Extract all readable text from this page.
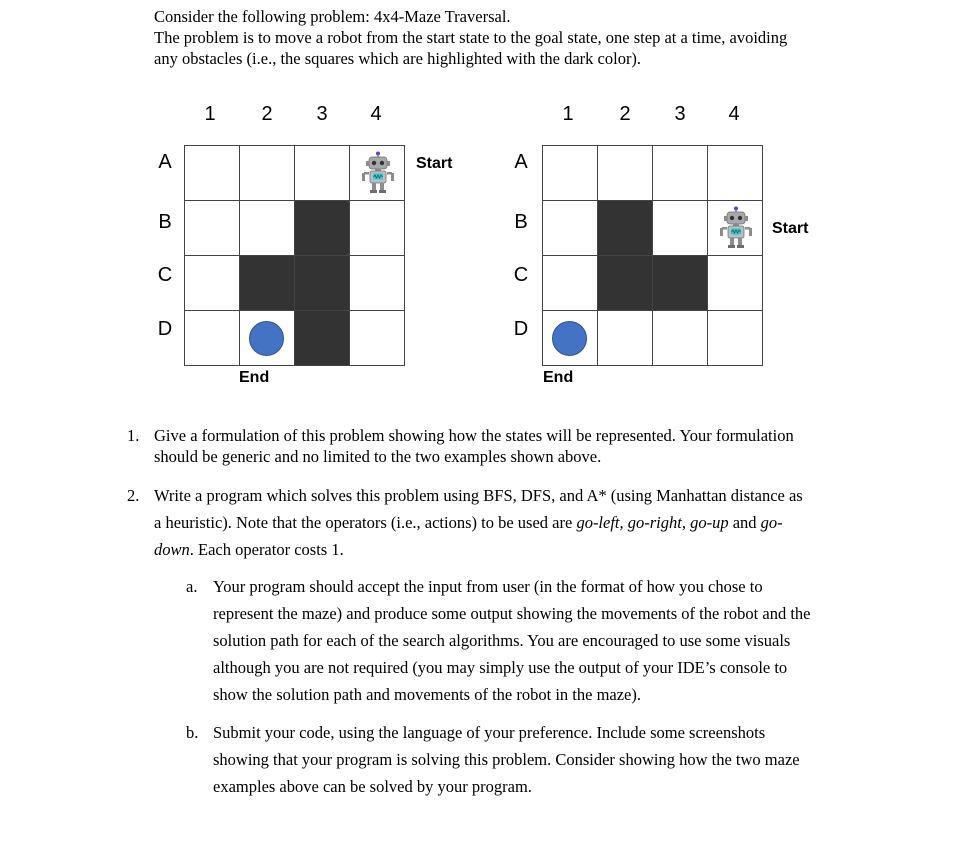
Consider the following problem: 4x4-Maze Traversal.
The problem is to move a robot from the start state to the goal state, one step at a time, avoiding
any obstacles (i.e., the squares which are highlighted with the dark color).
1	2	3	4
A
B
C
D
Start
End
1	2	3	4
A
B
C
D
Start
End
1. Give a formulation of this problem showing how the states will be represented. Your formulation
should be generic and no limited to the two examples shown above.
2. Write a program which solves this problem using BFS, DFS, and A* (using Manhattan distance as
a heuristic). Note that the operators (i.e., actions) to be used are go-left, go-right, go-up and go-
down. Each operator costs 1.
a. Your program should accept the input from user (in the format of how you chose to
represent the maze) and produce some output showing the movements of the robot and the
solution path for each of the search algorithms. You are encouraged to use some visuals
although you are not required (you may simply use the output of your IDE’s console to
show the solution path and movements of the robot in the maze).
b. Submit your code, using the language of your preference. Include some screenshots
showing that your program is solving this problem. Consider showing how the two maze
examples above can be solved by your program.
